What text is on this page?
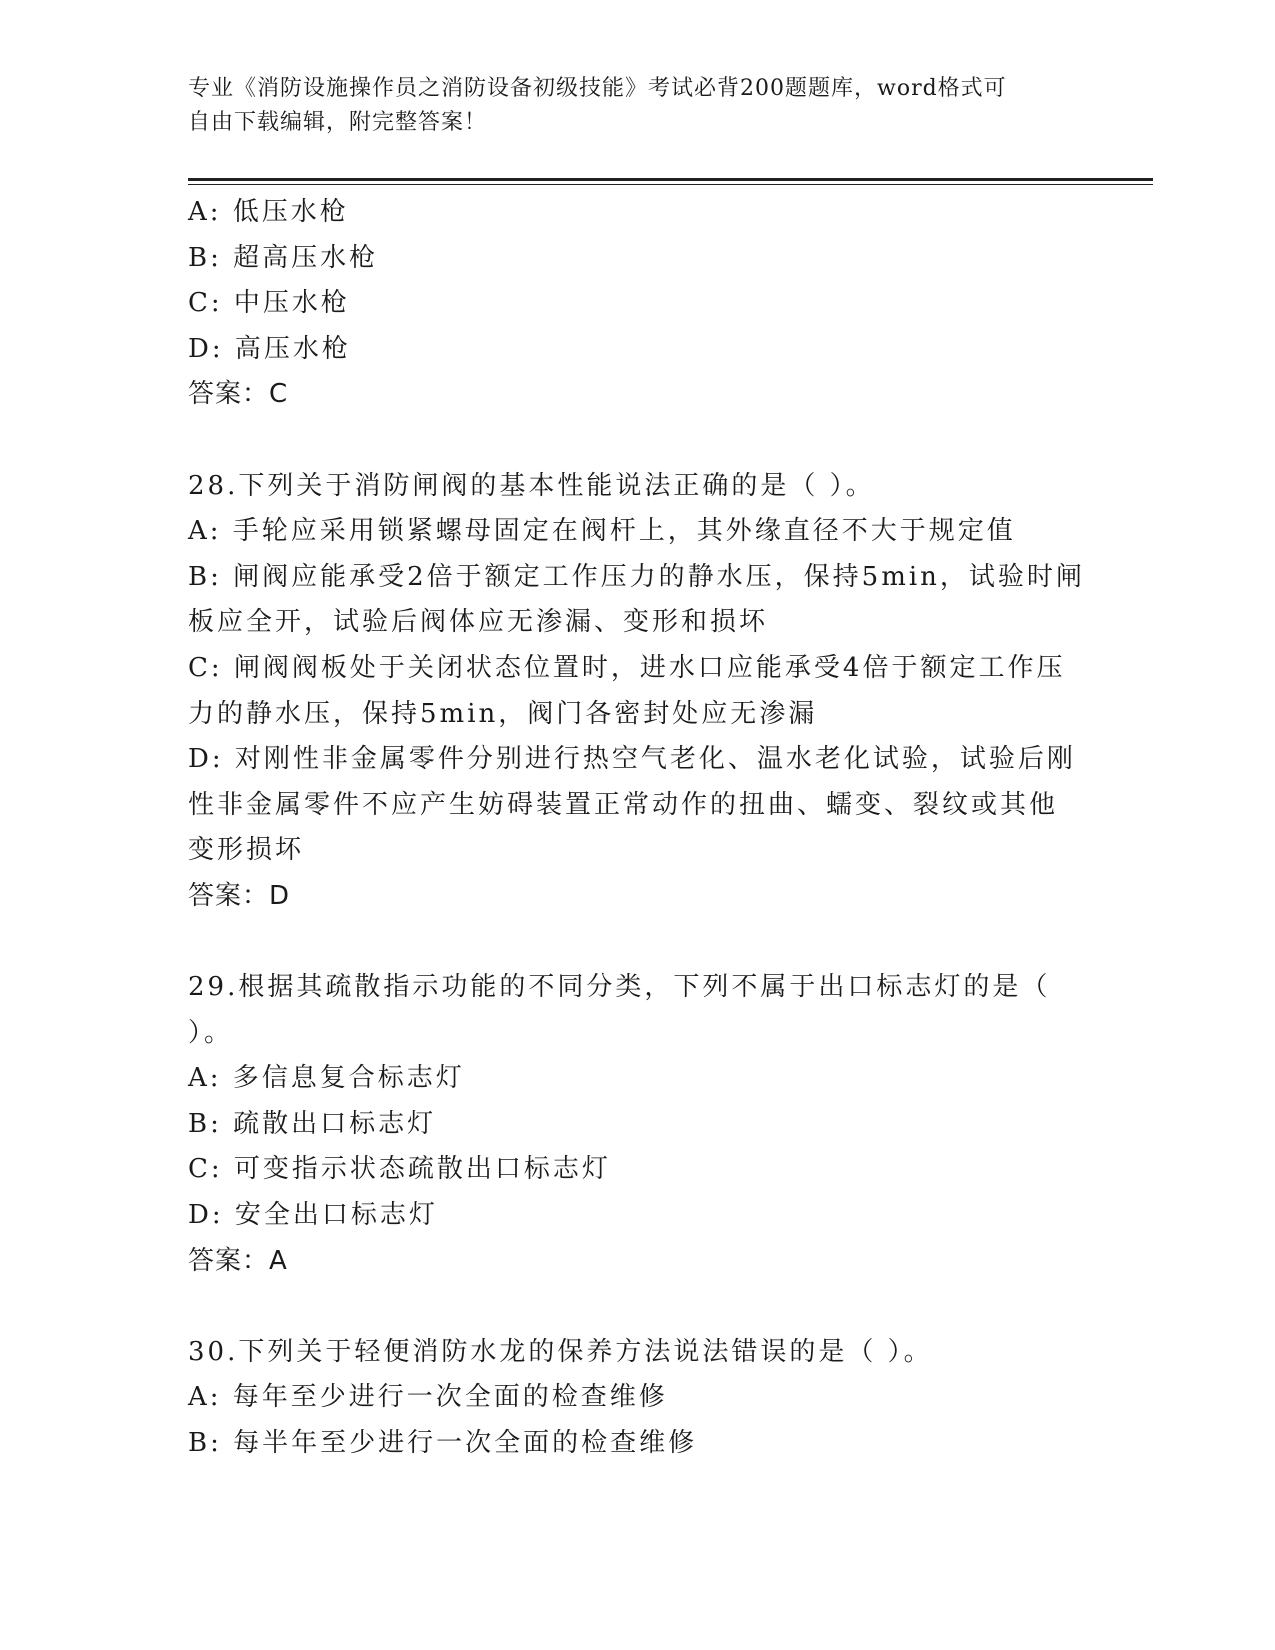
专业《消防设施操作员之消防设备初级技能》考试必背200题题库，word格式可
自由下载编辑，附完整答案！
A: 低压水枪
B: 超高压水枪
C: 中压水枪
D: 高压水枪
答案：C
28.下列关于消防闸阀的基本性能说法正确的是（ ）。
A: 手轮应采用锁紧螺母固定在阀杆上，其外缘直径不大于规定值
B: 闸阀应能承受2倍于额定工作压力的静水压，保持5min，试验时闸
板应全开，试验后阀体应无渗漏、变形和损坏
C: 闸阀阀板处于关闭状态位置时，进水口应能承受4倍于额定工作压
力的静水压，保持5min，阀门各密封处应无渗漏
D: 对刚性非金属零件分别进行热空气老化、温水老化试验，试验后刚
性非金属零件不应产生妨碍装置正常动作的扭曲、蠕变、裂纹或其他
变形损坏
答案：D
29.根据其疏散指示功能的不同分类，下列不属于出口标志灯的是（
）。
A: 多信息复合标志灯
B: 疏散出口标志灯
C: 可变指示状态疏散出口标志灯
D: 安全出口标志灯
答案：A
30.下列关于轻便消防水龙的保养方法说法错误的是（ ）。
A: 每年至少进行一次全面的检查维修
B: 每半年至少进行一次全面的检查维修
